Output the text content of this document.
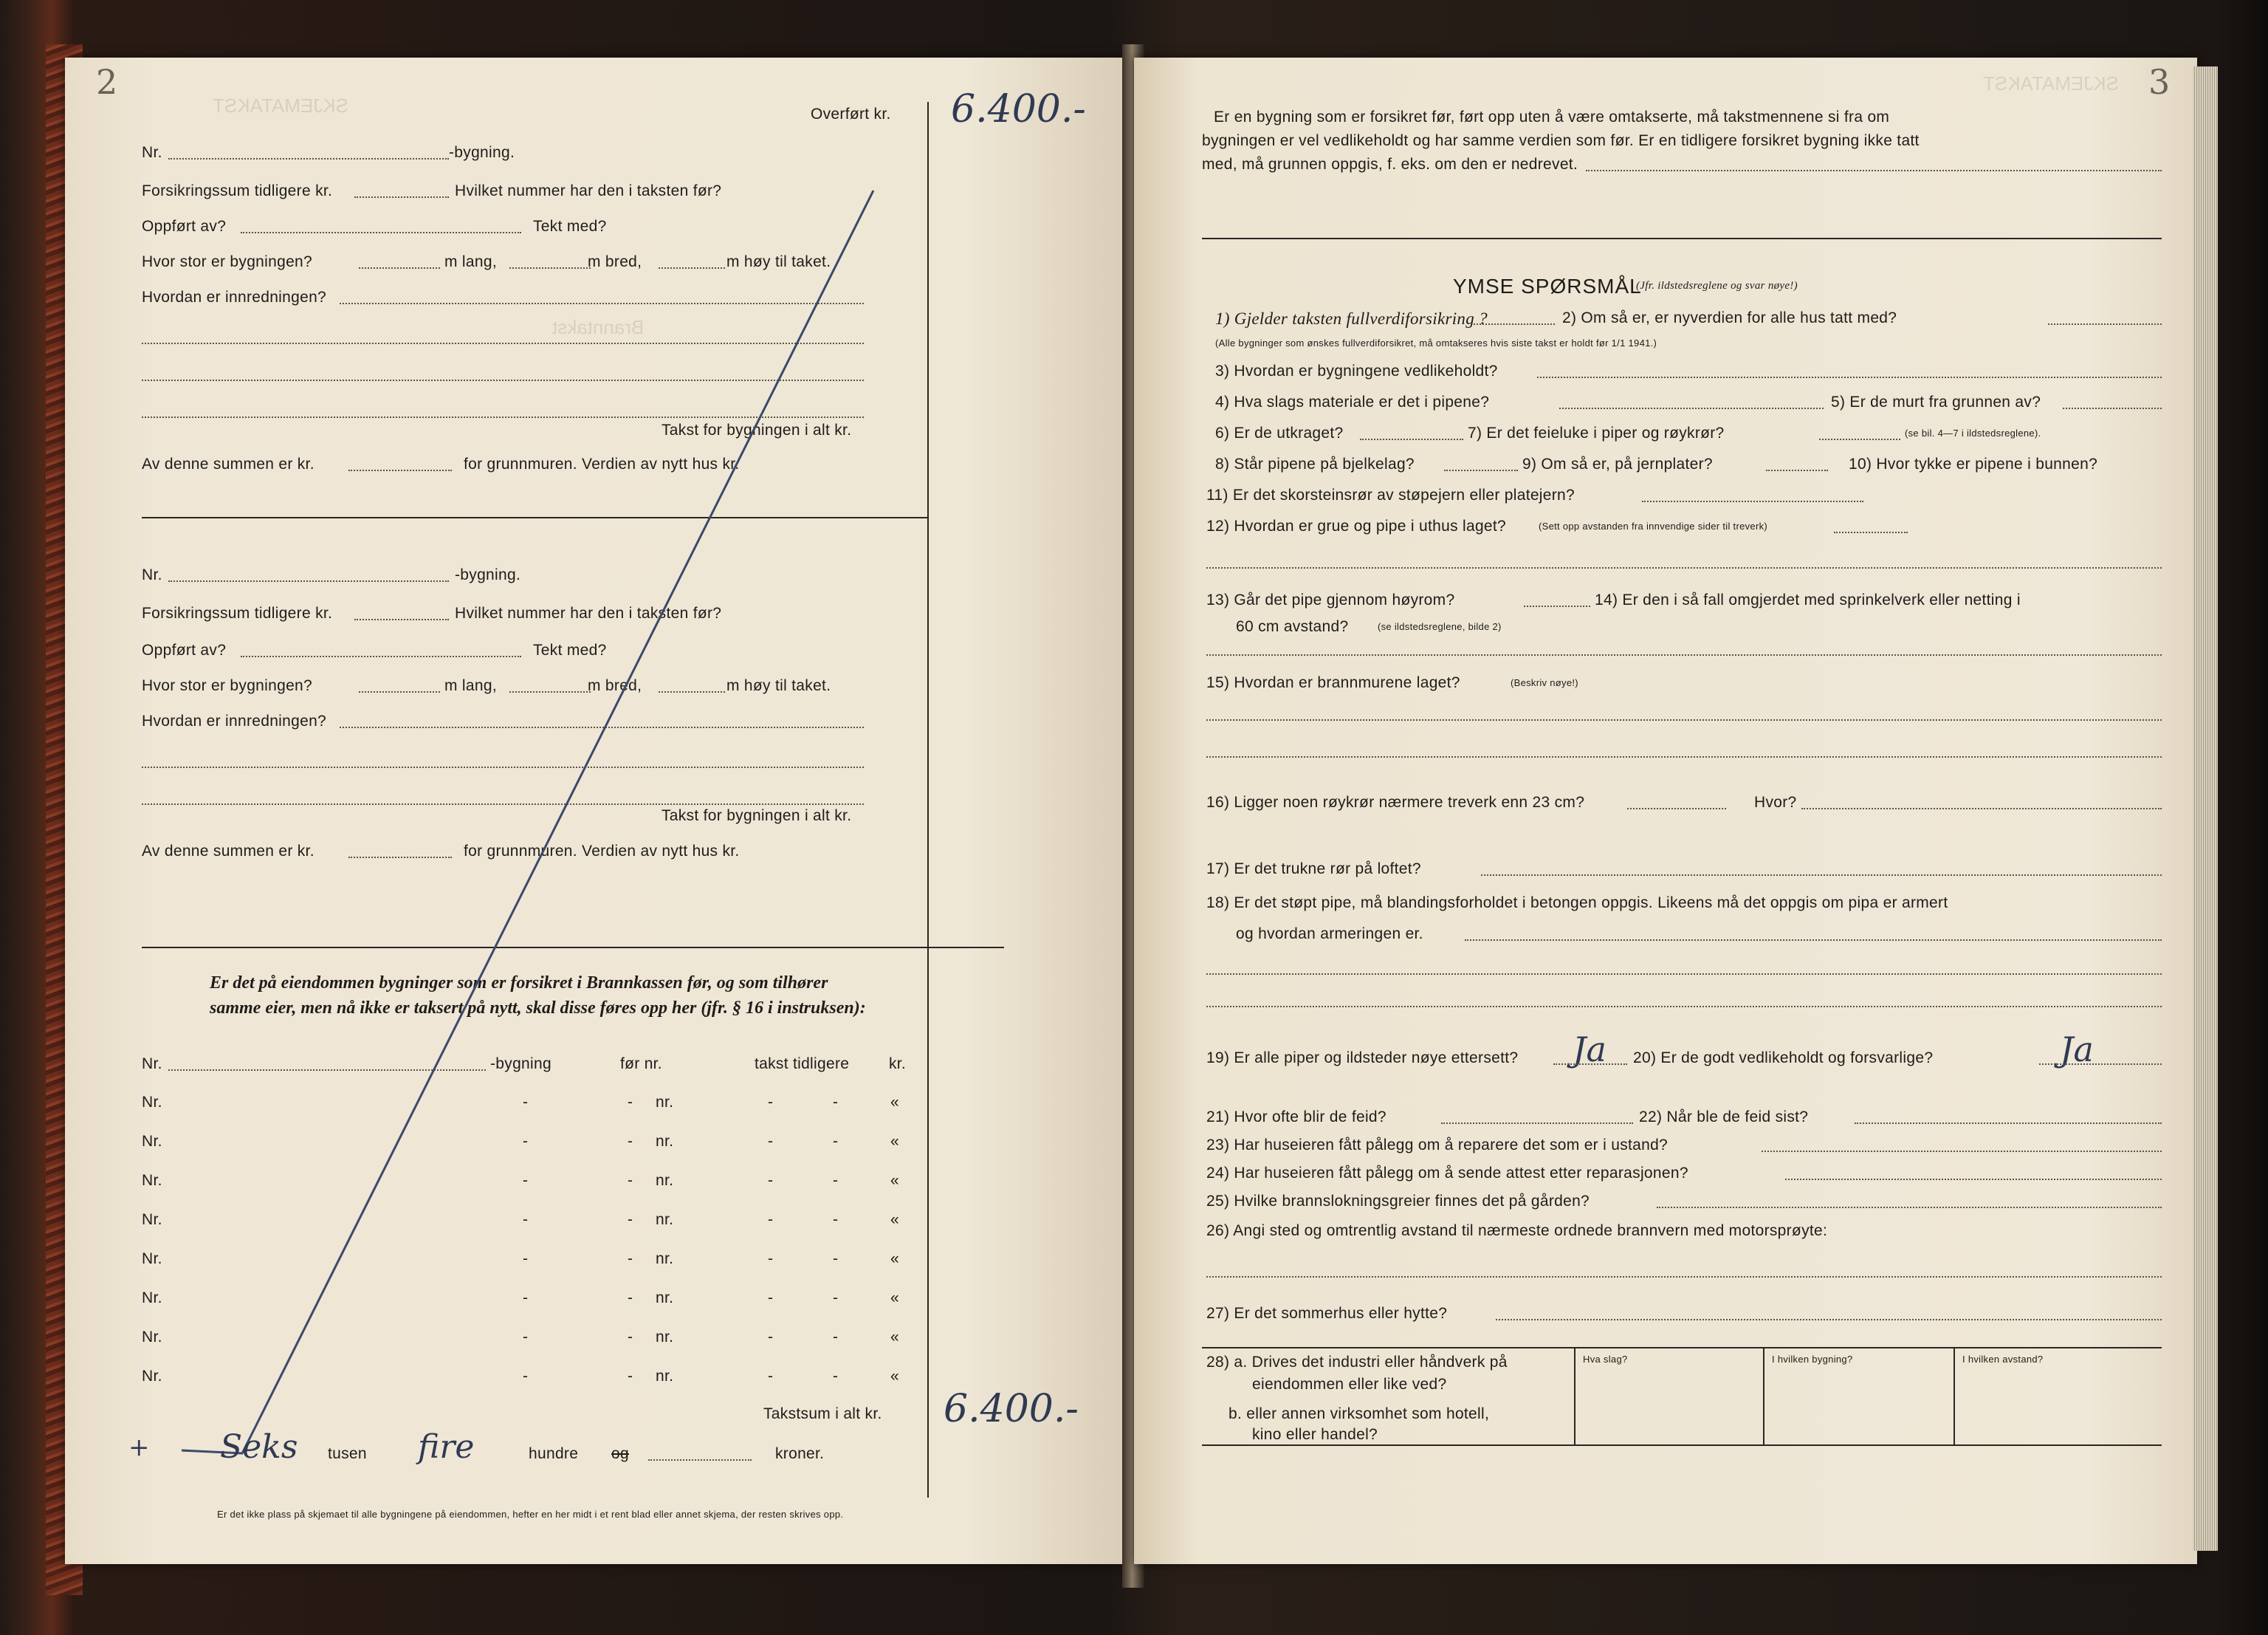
SKJEMATAKST
Branntakst
2
Overført kr. 6.400.-
Nr.	-bygning.
Forsikringssum tidligere kr.	Hvilket nummer har den i taksten før?
Oppført av?	Tekt med?
Hvor stor er bygningen?	m lang,	m bred,	m høy til taket.
Hvordan er innredningen?
Takst for bygningen i alt kr.
Av denne summen er kr.	for grunnmuren. Verdien av nytt hus kr.
Nr.	-bygning.
Forsikringssum tidligere kr.	Hvilket nummer har den i taksten før?
Oppført av?	Tekt med?
Hvor stor er bygningen?	m lang,	m bred,	m høy til taket.
Hvordan er innredningen?
Takst for bygningen i alt kr.
Av denne summen er kr.	for grunnmuren. Verdien av nytt hus kr.
Er det på eiendommen bygninger som er forsikret i Brannkassen før, og som tilhører samme eier, men nå ikke er taksert på nytt, skal disse føres opp her (jfr. § 16 i instruksen):
Nr.	-bygning	før nr.	takst tidligere	kr.
Nr.	-	- nr.	-	-	«
Nr.	-	- nr.	-	-	«
Nr.	-	- nr.	-	-	«
Nr.	-	- nr.	-	-	«
Nr.	-	- nr.	-	-	«
Nr.	-	- nr.	-	-	«
Nr.	-	- nr.	-	-	«
Nr.	-	- nr.	-	-	«
+
Takstsum i alt kr. 6.400.-
Seks tusen fire	hundre og	kroner.
Er det ikke plass på skjemaet til alle bygningene på eiendommen, hefter en her midt i et rent blad eller annet skjema, der resten skrives opp.
SKJEMATAKST 3
Er en bygning som er forsikret før, ført opp uten å være omtakserte, må takstmennene si fra om
bygningen er vel vedlikeholdt og har samme verdien som før. Er en tidligere forsikret bygning ikke tatt
med, må grunnen oppgis, f. eks. om den er nedrevet.
YMSE SPØRSMÅL
(Jfr. ildstedsreglene og svar nøye!)
1) Gjelder taksten fullverdiforsikring ?	2) Om så er, er nyverdien for alle hus tatt med?
(Alle bygninger som ønskes fullverdiforsikret, må omtakseres hvis siste takst er holdt før 1/1 1941.)
3) Hvordan er bygningene vedlikeholdt?
4) Hva slags materiale er det i pipene?	5) Er de murt fra grunnen av?
6) Er de utkraget?	7) Er det feieluke i piper og røykrør?	(se bil. 4—7 i ildstedsreglene).
8) Står pipene på bjelkelag?	9) Om så er, på jernplater?	10) Hvor tykke er pipene i bunnen?
11) Er det skorsteinsrør av støpejern eller platejern?
12) Hvordan er grue og pipe i uthus laget?	(Sett opp avstanden fra innvendige sider til treverk)
13) Går det pipe gjennom høyrom?	14) Er den i så fall omgjerdet med sprinkelverk eller netting i
60 cm avstand?	(se ildstedsreglene, bilde 2)
15) Hvordan er brannmurene laget?	(Beskriv nøye!)
16) Ligger noen røykrør nærmere treverk enn 23 cm?	Hvor?
17) Er det trukne rør på loftet?
18) Er det støpt pipe, må blandingsforholdet i betongen oppgis. Likeens må det oppgis om pipa er armert
og hvordan armeringen er.
19) Er alle piper og ildsteder nøye ettersett? Ja 20) Er de godt vedlikeholdt og forsvarlige?	Ja
21) Hvor ofte blir de feid?	22) Når ble de feid sist?
23) Har huseieren fått pålegg om å reparere det som er i ustand?
24) Har huseieren fått pålegg om å sende attest etter reparasjonen?
25) Hvilke brannslokningsgreier finnes det på gården?
26) Angi sted og omtrentlig avstand til nærmeste ordnede brannvern med motorsprøyte:
27) Er det sommerhus eller hytte?
28) a. Drives det industri eller håndverk på
eiendommen eller like ved?
b. eller annen virksomhet som hotell,
kino eller handel?
Hva slag?	I hvilken bygning?	I hvilken avstand?
